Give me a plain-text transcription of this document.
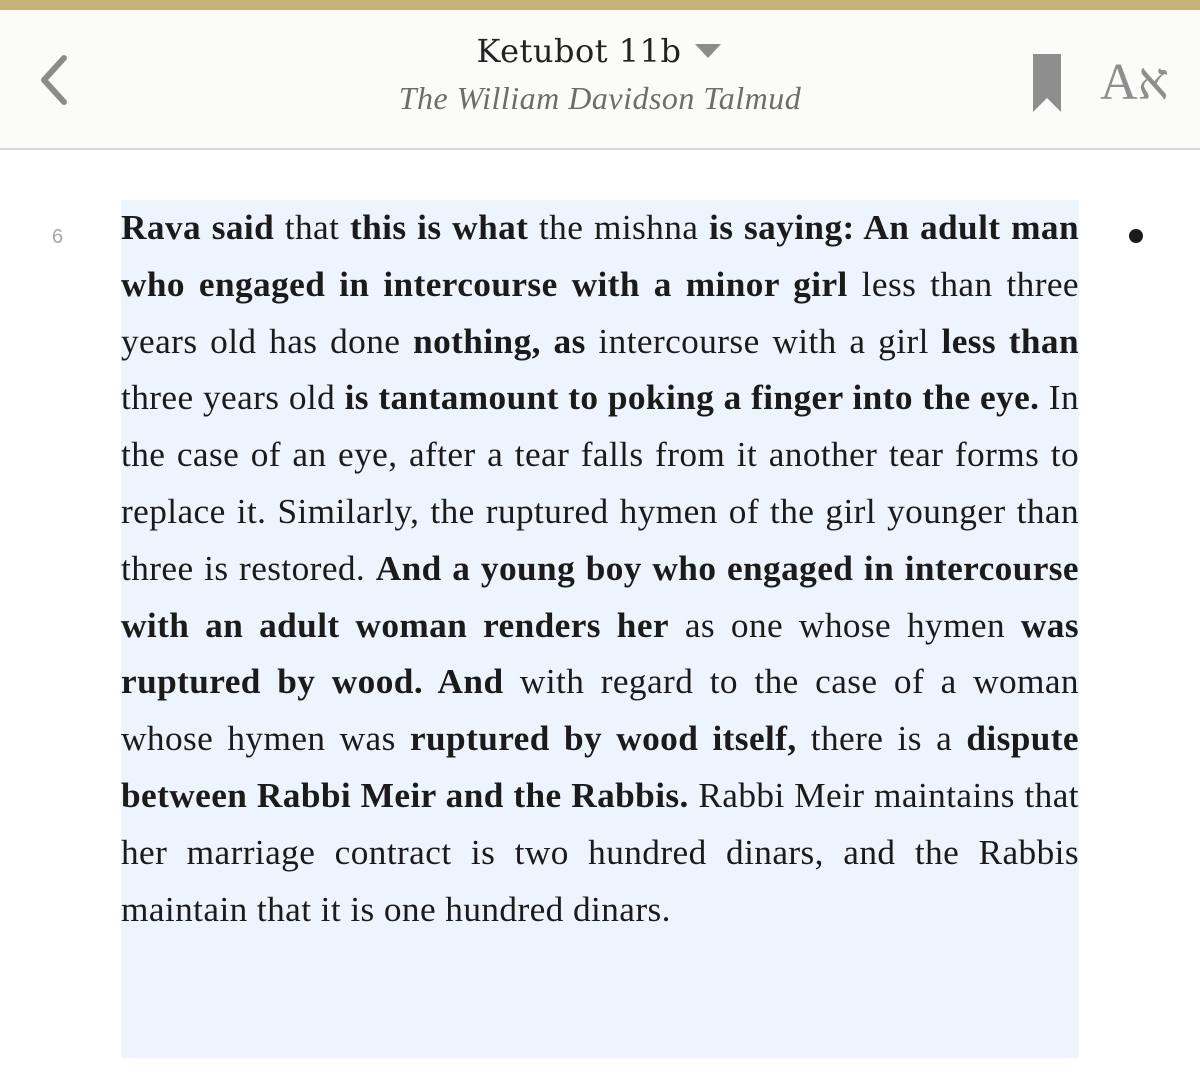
Ketubot 11b
The William Davidson Talmud	Aא
6 Rava said that this is what the mishna is saying: An adult man who engaged in intercourse with a minor girl less than three years old has done nothing, as intercourse with a girl less than three years old is tantamount to poking a finger into the eye. In the case of an eye, after a tear falls from it another tear forms to replace it. Similarly, the ruptured hymen of the girl younger than three is restored. And a young boy who engaged in intercourse with an adult woman renders her as one whose hymen was ruptured by wood. And with regard to the case of a woman whose hymen was ruptured by wood itself, there is a dispute between Rabbi Meir and the Rabbis. Rabbi Meir maintains that her marriage contract is two hundred dinars, and the Rabbis maintain that it is one hundred dinars.
